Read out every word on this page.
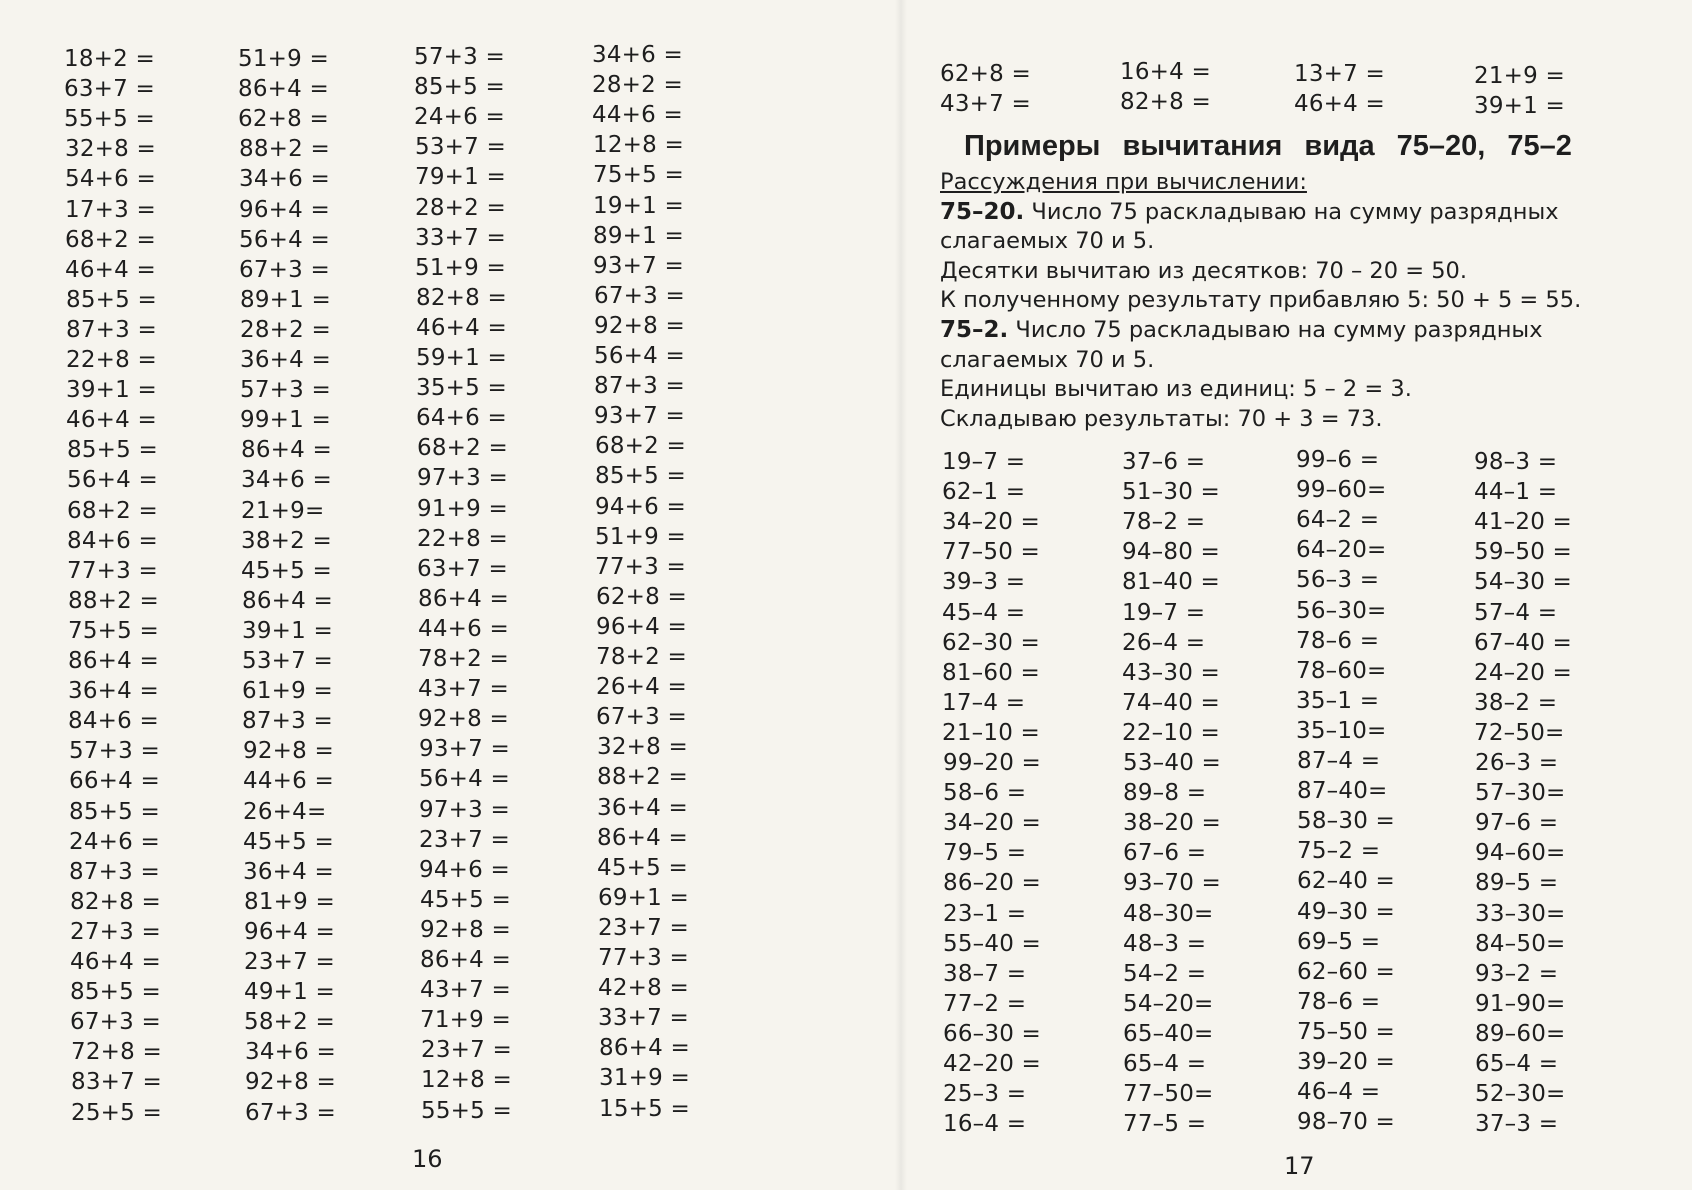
18+2 =
63+7 =
55+5 =
32+8 =
54+6 =
17+3 =
68+2 =
46+4 =
85+5 =
87+3 =
22+8 =
39+1 =
46+4 =
85+5 =
56+4 =
68+2 =
84+6 =
77+3 =
88+2 =
75+5 =
86+4 =
36+4 =
84+6 =
57+3 =
66+4 =
85+5 =
24+6 =
87+3 =
82+8 =
27+3 =
46+4 =
85+5 =
67+3 =
72+8 =
83+7 =
25+5 =
51+9 =
86+4 =
62+8 =
88+2 =
34+6 =
96+4 =
56+4 =
67+3 =
89+1 =
28+2 =
36+4 =
57+3 =
99+1 =
86+4 =
34+6 =
21+9=
38+2 =
45+5 =
86+4 =
39+1 =
53+7 =
61+9 =
87+3 =
92+8 =
44+6 =
26+4=
45+5 =
36+4 =
81+9 =
96+4 =
23+7 =
49+1 =
58+2 =
34+6 =
92+8 =
67+3 =
57+3 =
85+5 =
24+6 =
53+7 =
79+1 =
28+2 =
33+7 =
51+9 =
82+8 =
46+4 =
59+1 =
35+5 =
64+6 =
68+2 =
97+3 =
91+9 =
22+8 =
63+7 =
86+4 =
44+6 =
78+2 =
43+7 =
92+8 =
93+7 =
56+4 =
97+3 =
23+7 =
94+6 =
45+5 =
92+8 =
86+4 =
43+7 =
71+9 =
23+7 =
12+8 =
55+5 =
34+6 =
28+2 =
44+6 =
12+8 =
75+5 =
19+1 =
89+1 =
93+7 =
67+3 =
92+8 =
56+4 =
87+3 =
93+7 =
68+2 =
85+5 =
94+6 =
51+9 =
77+3 =
62+8 =
96+4 =
78+2 =
26+4 =
67+3 =
32+8 =
88+2 =
36+4 =
86+4 =
45+5 =
69+1 =
23+7 =
77+3 =
42+8 =
33+7 =
86+4 =
31+9 =
15+5 =
16
62+8 =
43+7 =
16+4 =
82+8 =
13+7 =
46+4 =
21+9 =
39+1 =
Примеры вычитания вида 75–20, 75–2

Рассуждения при вычислении:

75–20. Число 75 раскладываю на сумму разрядных слагаемых 70 и 5.

Десятки вычитаю из десятков: 70 – 20 = 50.

К полученному результату прибавляю 5: 50 + 5 = 55.

75–2. Число 75 раскладываю на сумму разрядных слагаемых 70 и 5.

Единицы вычитаю из единиц: 5 – 2 = 3.

Складываю результаты: 70 + 3 = 73.

19–7 =
62–1 =
34–20 =
77–50 =
39–3 =
45–4 =
62–30 =
81–60 =
17–4 =
21–10 =
99–20 =
58–6 =
34–20 =
79–5 =
86–20 =
23–1 =
55–40 =
38–7 =
77–2 =
66–30 =
42–20 =
25–3 =
16–4 =
37–6 =
51–30 =
78–2 =
94–80 =
81–40 =
19–7 =
26–4 =
43–30 =
74–40 =
22–10 =
53–40 =
89–8 =
38–20 =
67–6 =
93–70 =
48–30=
48–3 =
54–2 =
54–20=
65–40=
65–4 =
77–50=
77–5 =
99–6 =
99–60=
64–2 =
64–20=
56–3 =
56–30=
78–6 =
78–60=
35–1 =
35–10=
87–4 =
87–40=
58–30 =
75–2 =
62–40 =
49–30 =
69–5 =
62–60 =
78–6 =
75–50 =
39–20 =
46–4 =
98–70 =
98–3 =
44–1 =
41–20 =
59–50 =
54–30 =
57–4 =
67–40 =
24–20 =
38–2 =
72–50=
26–3 =
57–30=
97–6 =
94–60=
89–5 =
33–30=
84–50=
93–2 =
91–90=
89–60=
65–4 =
52–30=
37–3 =
17
